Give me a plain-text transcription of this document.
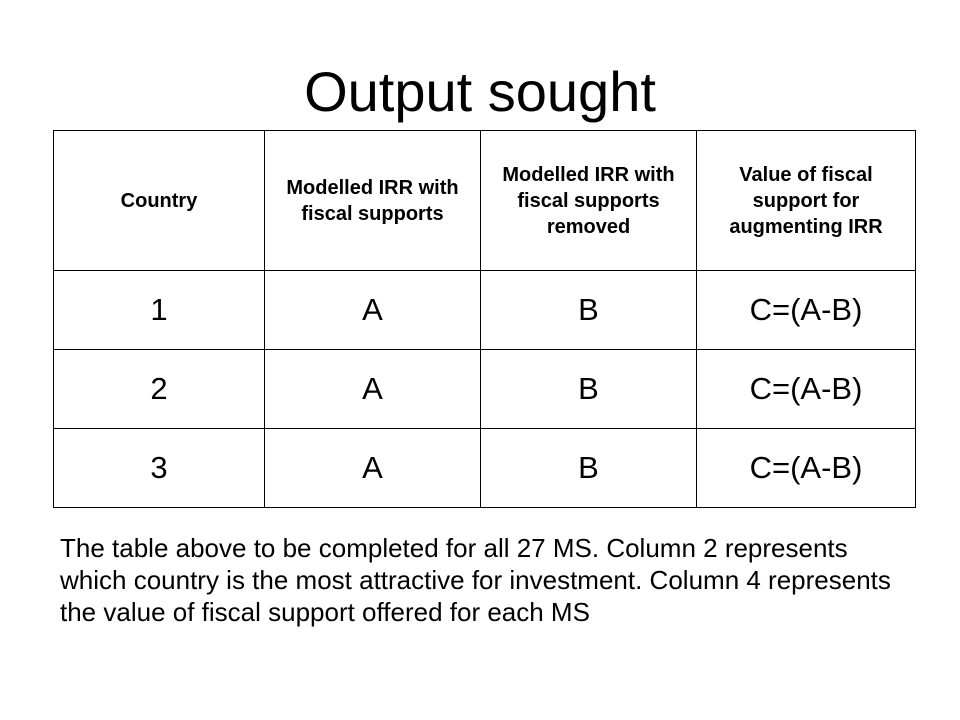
Output sought
Country	Modelled IRR with fiscal supports	Modelled IRR with fiscal supports removed	Value of fiscal support for augmenting IRR
1	A	B	C=(A-B)
2	A	B	C=(A-B)
3	A	B	C=(A-B)

The table above to be completed for all 27 MS. Column 2 represents which country is the most attractive for investment. Column 4 represents the value of fiscal support offered for each MS
